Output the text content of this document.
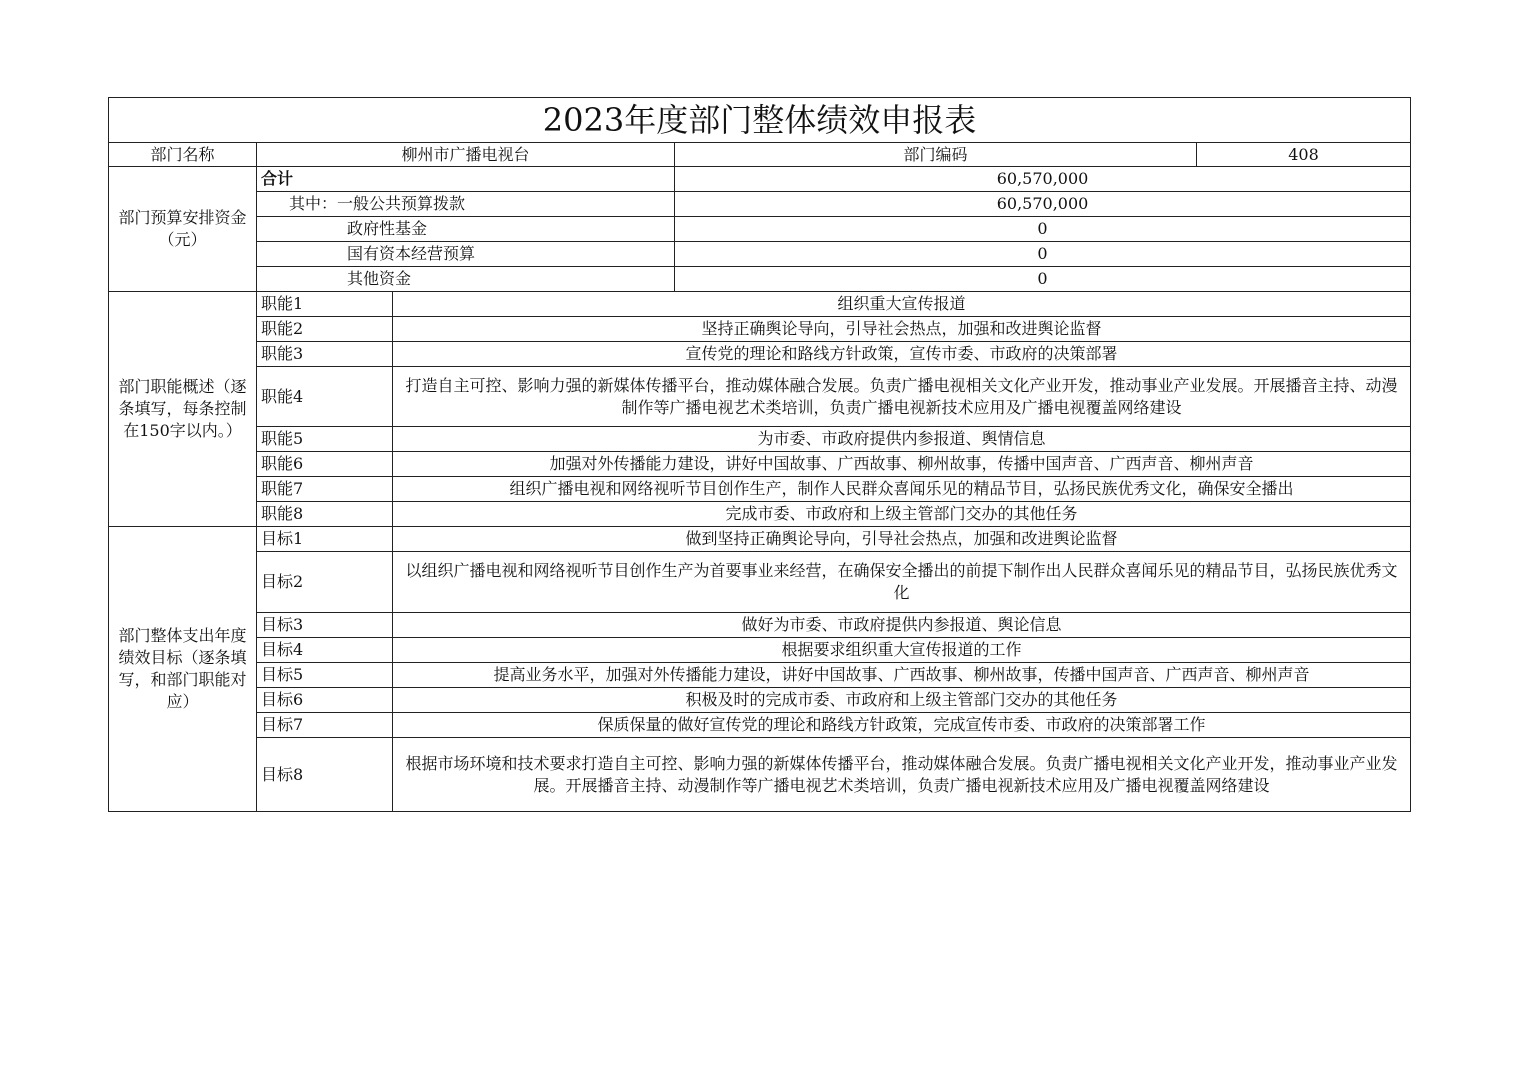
2023年度部门整体绩效申报表				
部门名称	柳州市广播电视台		部门编码	408
部门预算安排资金（元）	合计		60,570,000	
	其中：一般公共预算拨款		60,570,000	
	政府性基金		0	
	国有资本经营预算		0	
	其他资金		0	
部门职能概述（逐条填写，每条控制在150字以内。）	职能1	组织重大宣传报道		
	职能2	坚持正确舆论导向，引导社会热点，加强和改进舆论监督		
	职能3	宣传党的理论和路线方针政策，宣传市委、市政府的决策部署		
	职能4	打造自主可控、影响力强的新媒体传播平台，推动媒体融合发展。负责广播电视相关文化产业开发，推动事业产业发展。开展播音主持、动漫制作等广播电视艺术类培训，负责广播电视新技术应用及广播电视覆盖网络建设		
	职能5	为市委、市政府提供内参报道、舆情信息		
	职能6	加强对外传播能力建设，讲好中国故事、广西故事、柳州故事，传播中国声音、广西声音、柳州声音		
	职能7	组织广播电视和网络视听节目创作生产，制作人民群众喜闻乐见的精品节目，弘扬民族优秀文化，确保安全播出		
	职能8	完成市委、市政府和上级主管部门交办的其他任务		
部门整体支出年度绩效目标（逐条填写，和部门职能对应）	目标1	做到坚持正确舆论导向，引导社会热点，加强和改进舆论监督		
	目标2	以组织广播电视和网络视听节目创作生产为首要事业来经营，在确保安全播出的前提下制作出人民群众喜闻乐见的精品节目，弘扬民族优秀文化		
	目标3	做好为市委、市政府提供内参报道、舆论信息		
	目标4	根据要求组织重大宣传报道的工作		
	目标5	提高业务水平，加强对外传播能力建设，讲好中国故事、广西故事、柳州故事，传播中国声音、广西声音、柳州声音		
	目标6	积极及时的完成市委、市政府和上级主管部门交办的其他任务		
	目标7	保质保量的做好宣传党的理论和路线方针政策，完成宣传市委、市政府的决策部署工作		
	目标8	根据市场环境和技术要求打造自主可控、影响力强的新媒体传播平台，推动媒体融合发展。负责广播电视相关文化产业开发，推动事业产业发展。开展播音主持、动漫制作等广播电视艺术类培训，负责广播电视新技术应用及广播电视覆盖网络建设		
